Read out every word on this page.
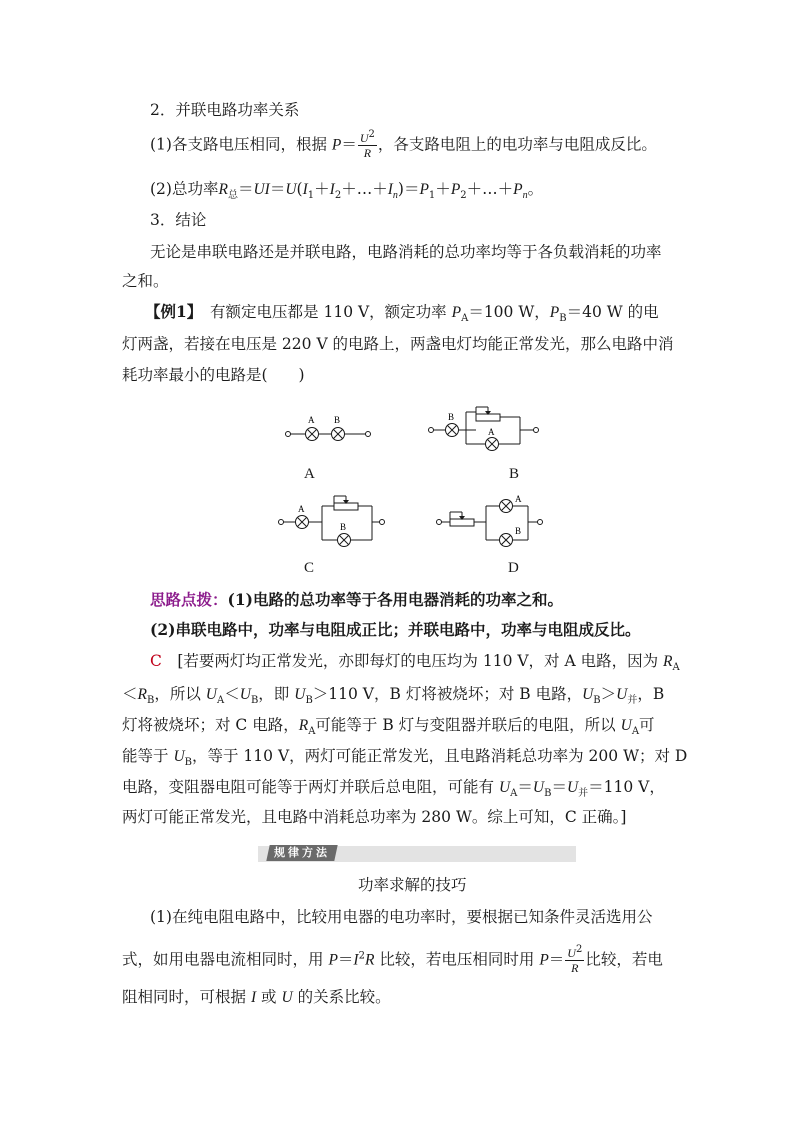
2．并联电路功率关系
(1)各支路电压相同，根据 $P= \frac{U^2}{R}$ ，各支路电阻上的电功率与电阻成反比。
(2)总功率$R_总=UI=U(I_1+I_2+\dots+I_n)=P_1+P_2+\dots+P_n$。
3．结论
无论是串联电路还是并联电路，电路消耗的总功率均等于各负载消耗的功率
之和。
【例1】　有额定电压都是 110 V，额定功率 $P_A=100$ W，$P_B=40$ W 的电
灯两盏，若接在电压是 220 V 的电路上，两盏电灯均能正常发光，那么电路中消
耗功率最小的电路是(　　)
A B
A
B
A
B
A
B
C
A
B
D
思路点拨：(1)电路的总功率等于各用电器消耗的功率之和。
(2)串联电路中，功率与电阻成正比；并联电路中，功率与电阻成反比。
C　[若要两灯均正常发光，亦即每灯的电压均为 110 V，对 A 电路，因为 $R_A$
$<R_B$，所以 $U_A<U_B$，即 $U_B>110$ V，B 灯将被烧坏；对 B 电路，$U_B>U_并$，B
灯将被烧坏；对 C 电路，$R_A$可能等于 B 灯与变阻器并联后的电阻，所以 $U_A$可
能等于 $U_B$，等于 110 V，两灯可能正常发光，且电路消耗总功率为 200 W；对 D
电路，变阻器电阻可能等于两灯并联后总电阻，可能有 $U_A=U_B=U_并=110$ V，
两灯可能正常发光，且电路中消耗总功率为 280 W。综上可知，C 正确。]
规律方法
功率求解的技巧
(1)在纯电阻电路中，比较用电器的电功率时，要根据已知条件灵活选用公
式，如用电器电流相同时，用 $P=I^2R$ 比较，若电压相同时用 $P= \frac{U^2}{R}$ 比较，若电
阻相同时，可根据 I 或 U 的关系比较。
